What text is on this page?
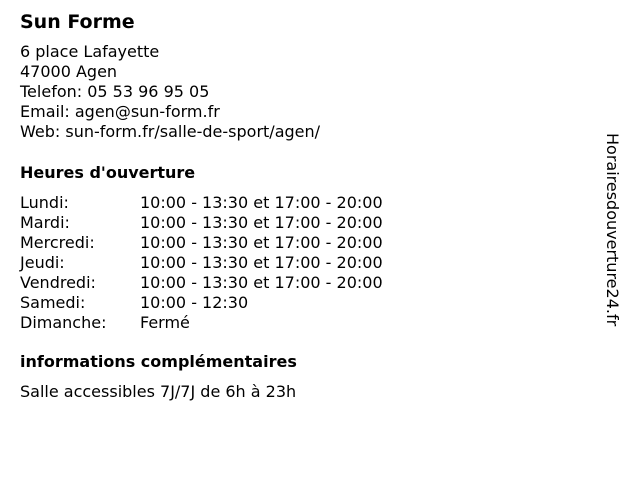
Sun Forme
6 place Lafayette
47000 Agen
Telefon: 05 53 96 95 05
Email: agen@sun-form.fr
Web: sun-form.fr/salle-de-sport/agen/
Heures d'ouverture
Lundi:	10:00 - 13:30 et 17:00 - 20:00
Mardi:	10:00 - 13:30 et 17:00 - 20:00
Mercredi:	10:00 - 13:30 et 17:00 - 20:00
Jeudi:	10:00 - 13:30 et 17:00 - 20:00
Vendredi:	10:00 - 13:30 et 17:00 - 20:00
Samedi:	10:00 - 12:30
Dimanche:	Fermé
informations complémentaires
Salle accessibles 7J/7J de 6h à 23h
Horairesdouverture24.fr
